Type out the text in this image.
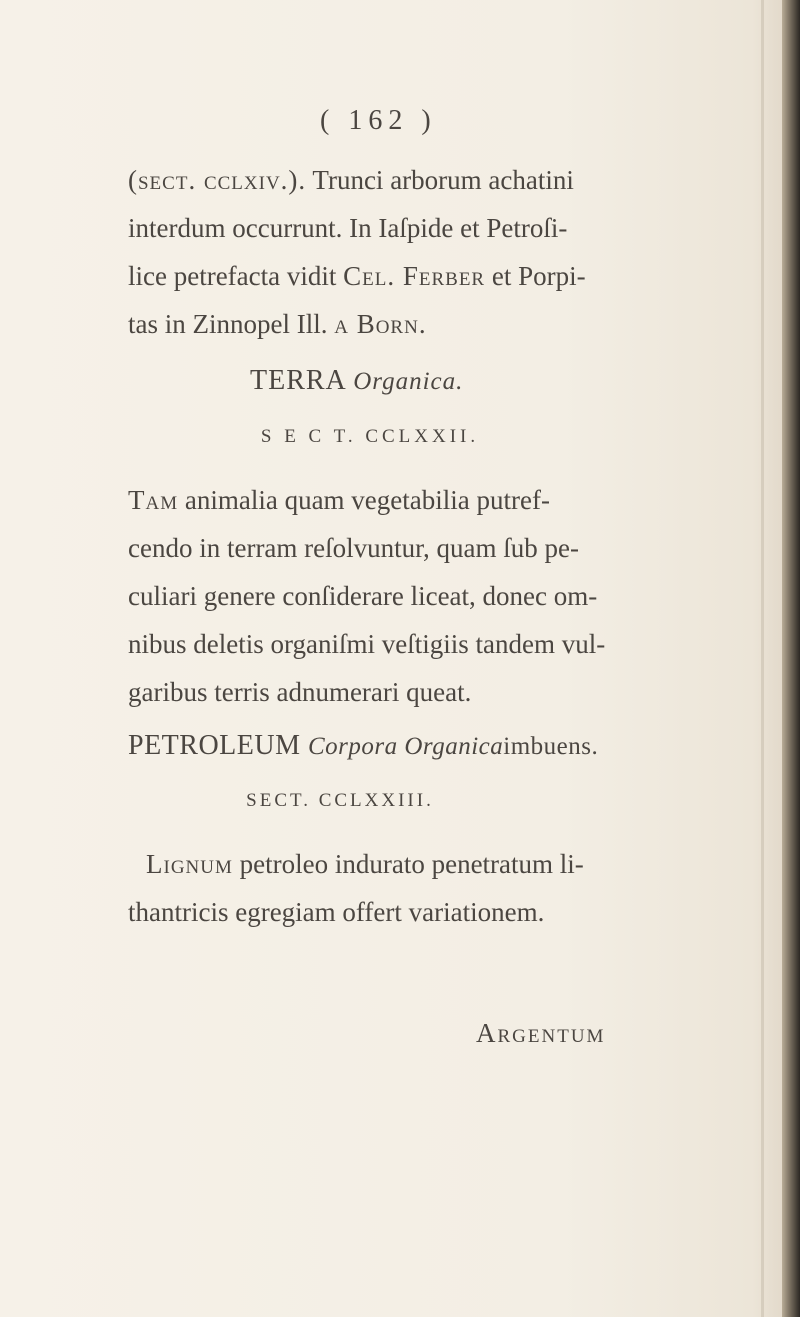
( 162 )
(sect. cclxiv.). Trunci arborum achatini
interdum occurrunt. In Iaſpide et Petroſi-
lice petrefacta vidit Cel. Ferber et Porpi-
tas in Zinnopel Ill. a Born.
TERRA Organica.
S E C T. CCLXXII.
Tam animalia quam vegetabilia putref-
cendo in terram reſolvuntur, quam ſub pe-
culiari genere conſiderare liceat, donec om-
nibus deletis organiſmi veſtigiis tandem vul-
garibus terris adnumerari queat.
PETROLEUM Corpora Organicaimbuens.
SECT. CCLXXIII.
Lignum petroleo indurato penetratum li-
thantricis egregiam offert variationem.
Argentum
